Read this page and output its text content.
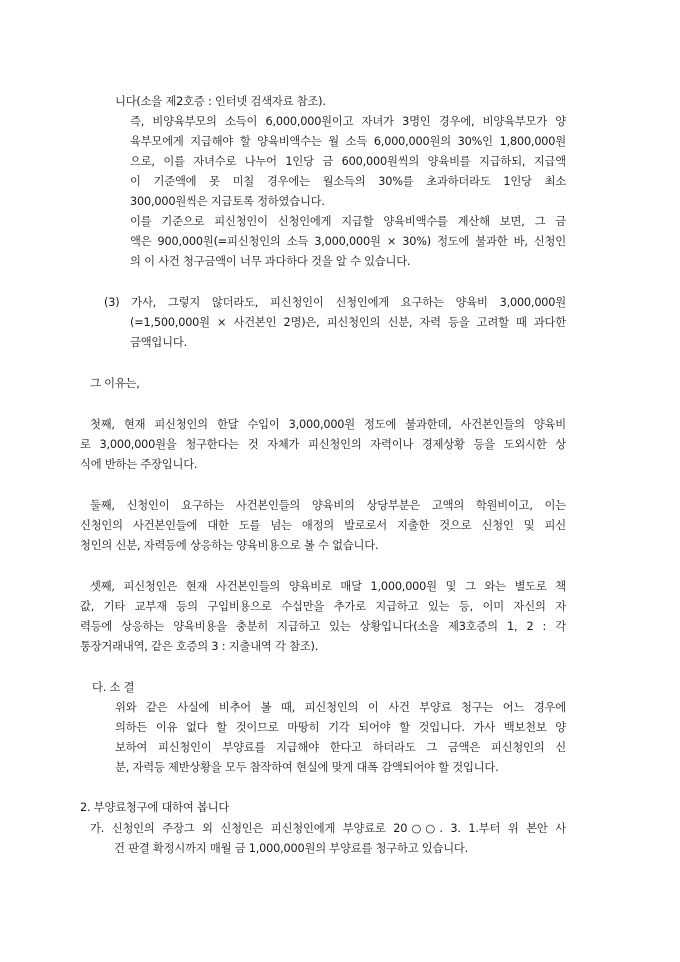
니다(소을 제2호증 : 인터넷 검색자료 참조).
즉, 비양육부모의 소득이 6,000,000원이고 자녀가 3명인 경우에, 비양육부모가 양
육부모에게 지급해야 할 양육비액수는 월 소득 6,000,000원의 30%인 1,800,000원
으로, 이를 자녀수로 나누어 1인당 금 600,000원씩의 양육비를 지급하되, 지급액
이 기준액에 못 미칠 경우에는 월소득의 30%를 초과하더라도 1인당 최소
300,000원씩은 지급토록 정하였습니다.
이를 기준으로 피신청인이 신청인에게 지급할 양육비액수를 계산해 보면, 그 금
액은 900,000원(=피신청인의 소득 3,000,000원 × 30%) 정도에 불과한 바, 신청인
의 이 사건 청구금액이 너무 과다하다 것을 알 수 있습니다.
(3) 가사, 그렇지 않더라도, 피신청인이 신청인에게 요구하는 양육비 3,000,000원
(=1,500,000원 × 사건본인 2명)은, 피신청인의 신분, 자력 등을 고려할 때 과다한
금액입니다.
그 이유는,
첫째, 현재 피신청인의 한달 수입이 3,000,000원 정도에 불과한데, 사건본인들의 양육비
로 3,000,000원을 청구한다는 것 자체가 피신청인의 자력이나 경제상황 등을 도외시한 상
식에 반하는 주장입니다.
둘째, 신청인이 요구하는 사건본인들의 양육비의 상당부분은 고액의 학원비이고, 이는
신청인의 사건본인들에 대한 도를 넘는 애정의 발로로서 지출한 것으로 신청인 및 피신
청인의 신분, 자력등에 상응하는 양육비용으로 볼 수 없습니다.
셋째, 피신청인은 현재 사건본인들의 양육비로 매달 1,000,000원 및 그 와는 별도로 책
값, 기타 교부재 등의 구입비용으로 수십만을 추가로 지급하고 있는 등, 이미 자신의 자
력등에 상응하는 양육비용을 충분히 지급하고 있는 상황입니다(소을 제3호증의 1, 2 : 각
통장거래내역, 같은 호증의 3 : 지출내역 각 참조).
다. 소 결
위와 같은 사실에 비추어 볼 때, 피신청인의 이 사건 부양료 청구는 어느 경우에
의하든 이유 없다 할 것이므로 마땅히 기각 되어야 할 것입니다. 가사 백보천보 양
보하여 피신청인이 부양료를 지급해야 한다고 하더라도 그 금액은 피신청인의 신
분, 자력등 제반상황을 모두 참작하여 현실에 맞게 대폭 감액되어야 할 것입니다.
2. 부양료청구에 대하여 봅니다
가. 신청인의 주장그 외 신청인은 피신청인에게 부양료로 20○○. 3. 1.부터 위 본안 사
건 판결 확정시까지 매월 금 1,000,000원의 부양료를 청구하고 있습니다.
